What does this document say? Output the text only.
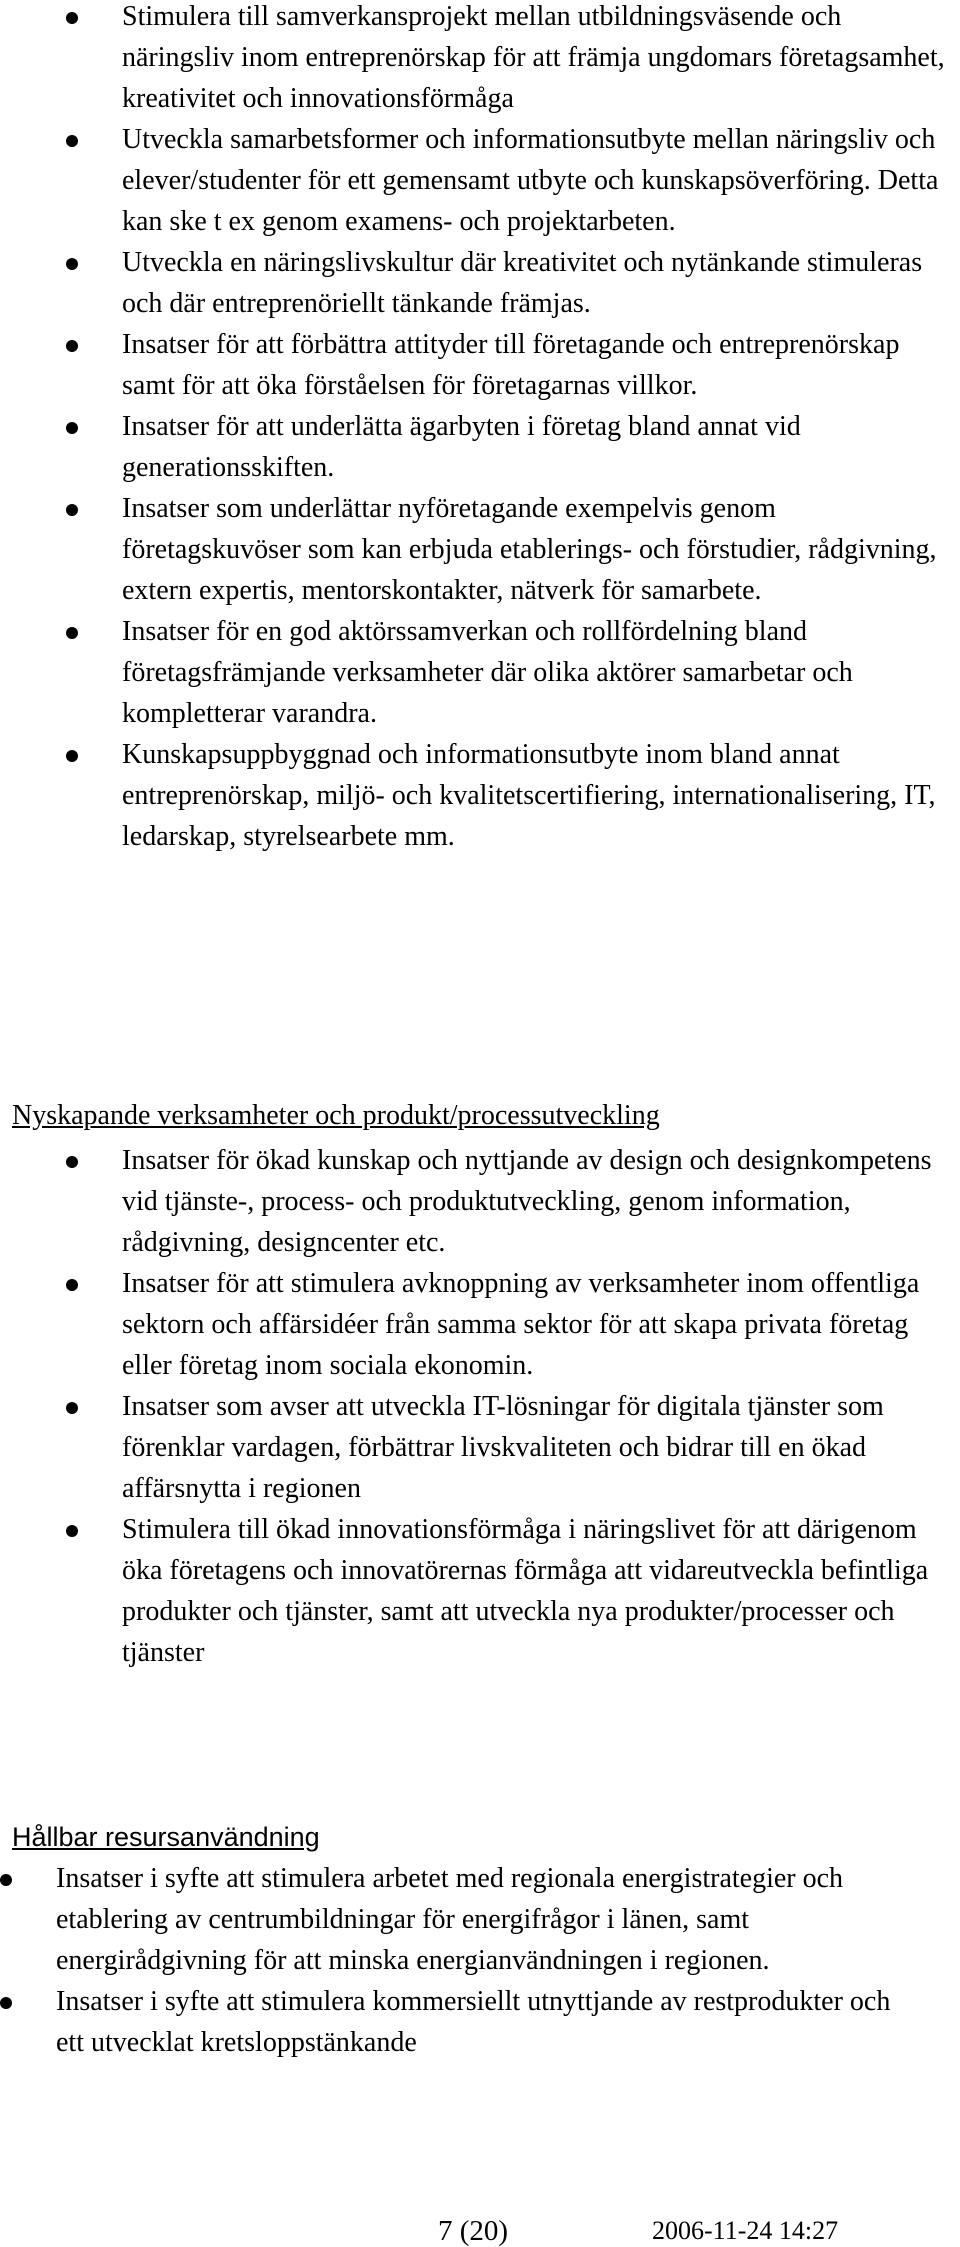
Stimulera till samverkansprojekt mellan utbildningsväsende och näringsliv inom entreprenörskap för att främja ungdomars företagsamhet, kreativitet och innovationsförmåga
Utveckla samarbetsformer och informationsutbyte mellan näringsliv och elever/studenter för ett gemensamt utbyte och kunskapsöverföring. Detta kan ske t ex genom examens- och projektarbeten.
Utveckla en näringslivskultur där kreativitet och nytänkande stimuleras och där entreprenöriellt tänkande främjas.
Insatser för att förbättra attityder till företagande och entreprenörskap samt för att öka förståelsen för företagarnas villkor.
Insatser för att underlätta ägarbyten i företag bland annat vid generationsskiften.
Insatser som underlättar nyföretagande exempelvis genom företagskuvöser som kan erbjuda etablerings- och förstudier, rådgivning, extern expertis, mentorskontakter, nätverk för samarbete.
Insatser för en god aktörssamverkan och rollfördelning bland företagsfrämjande verksamheter där olika aktörer samarbetar och kompletterar varandra.
Kunskapsuppbyggnad och informationsutbyte inom bland annat entreprenörskap, miljö- och kvalitetscertifiering, internationalisering, IT, ledarskap, styrelsearbete mm.
Nyskapande verksamheter och produkt/processutveckling
Insatser för ökad kunskap och nyttjande av design och designkompetens vid tjänste-, process- och produktutveckling, genom information, rådgivning, designcenter etc.
Insatser för att stimulera avknoppning av verksamheter inom offentliga sektorn och affärsidéer från samma sektor för att skapa privata företag eller företag inom sociala ekonomin.
Insatser som avser att utveckla IT-lösningar för digitala tjänster som förenklar vardagen, förbättrar livskvaliteten och bidrar till en ökad affärsnytta i regionen
Stimulera till ökad innovationsförmåga i näringslivet för att därigenom öka företagens och innovatörernas förmåga att vidareutveckla befintliga produkter och tjänster, samt att utveckla nya produkter/processer och tjänster
Hållbar resursanvändning
Insatser i syfte att stimulera arbetet med regionala energistrategier och etablering av centrumbildningar för energifrågor i länen, samt energirådgivning för att minska energianvändningen i regionen.
Insatser i syfte att stimulera kommersiellt utnyttjande av restprodukter och ett utvecklat kretsloppstänkande
7 (20)	2006-11-24 14:27
